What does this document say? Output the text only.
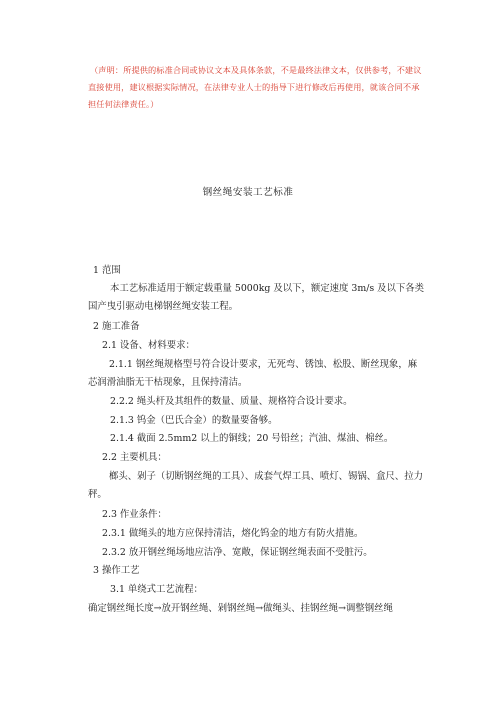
（声明：所提供的标准合同或协议文本及具体条款，不是最终法律文本，仅供参考，不建议直接使用，建议根据实际情况，在法律专业人士的指导下进行修改后再使用，就该合同不承担任何法律责任。）
钢丝绳安装工艺标准
1 范围
本工艺标准适用于额定载重量 5000kg 及以下，额定速度 3m/s 及以下各类国产曳引驱动电梯钢丝绳安装工程。
2 施工准备
2.1 设备、材料要求：
2.1.1 钢丝绳规格型号符合设计要求，无死弯、锈蚀、松股、断丝现象，麻芯润滑油脂无干枯现象，且保持清洁。
2.2.2 绳头杆及其组件的数量、质量、规格符合设计要求。
2.1.3 钨金（巴氏合金）的数量要备够。
2.1.4 截面 2.5mm2 以上的铜线；20 号铅丝；汽油、煤油、棉丝。
2.2 主要机具：
榔头、剁子（切断钢丝绳的工具）、成套气焊工具、喷灯、锡锅、盒尺、拉力秤。
2.3 作业条件：
2.3.1 做绳头的地方应保持清洁，熔化钨金的地方有防火措施。
2.3.2 放开钢丝绳场地应洁净、宽敞，保证钢丝绳表面不受脏污。
3 操作工艺
3.1 单绕式工艺流程：
确定钢丝绳长度→放开钢丝绳、剁钢丝绳→做绳头、挂钢丝绳→调整钢丝绳
